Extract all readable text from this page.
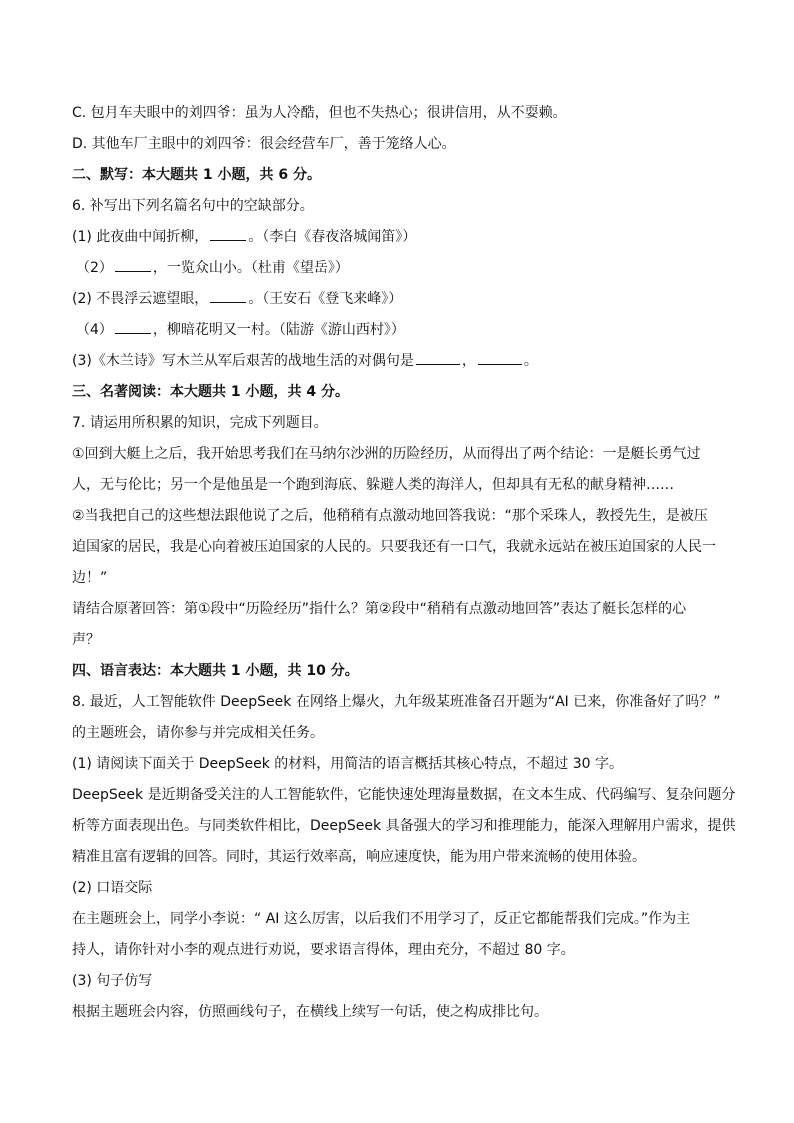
C. 包月车夫眼中的刘四爷：虽为人冷酷，但也不失热心；很讲信用，从不耍赖。
D. 其他车厂主眼中的刘四爷：很会经营车厂，善于笼络人心。
二、默写：本大题共 1 小题，共 6 分。
6. 补写出下列名篇名句中的空缺部分。
(1) 此夜曲中闻折柳，	。（李白《春夜洛城闻笛》）
（2）	，一览众山小。（杜甫《望岳》）
(2) 不畏浮云遮望眼，	。（王安石《登飞来峰》）
（4）	，柳暗花明又一村。（陆游《游山西村》）
(3)《木兰诗》写木兰从军后艰苦的战地生活的对偶句是	，	。
三、名著阅读：本大题共 1 小题，共 4 分。
7. 请运用所积累的知识，完成下列题目。
①回到大艇上之后，我开始思考我们在马纳尔沙洲的历险经历，从而得出了两个结论：一是艇长勇气过
人，无与伦比；另一个是他虽是一个跑到海底、躲避人类的海洋人，但却具有无私的献身精神……
②当我把自己的这些想法跟他说了之后，他稍稍有点激动地回答我说：“那个采珠人，教授先生，是被压
迫国家的居民，我是心向着被压迫国家的人民的。只要我还有一口气，我就永远站在被压迫国家的人民一
边！”
请结合原著回答：第①段中“历险经历”指什么？第②段中“稍稍有点激动地回答”表达了艇长怎样的心
声？
四、语言表达：本大题共 1 小题，共 10 分。
8. 最近，人工智能软件 DeepSeek 在网络上爆火，九年级某班准备召开题为“AI 已来，你准备好了吗？”
的主题班会，请你参与并完成相关任务。
(1) 请阅读下面关于 DeepSeek 的材料，用简洁的语言概括其核心特点，不超过 30 字。
DeepSeek 是近期备受关注的人工智能软件，它能快速处理海量数据，在文本生成、代码编写、复杂问题分
析等方面表现出色。与同类软件相比，DeepSeek 具备强大的学习和推理能力，能深入理解用户需求，提供
精准且富有逻辑的回答。同时，其运行效率高，响应速度快，能为用户带来流畅的使用体验。
(2) 口语交际
在主题班会上，同学小李说：“ AI 这么厉害，以后我们不用学习了，反正它都能帮我们完成。”作为主
持人，请你针对小李的观点进行劝说，要求语言得体，理由充分，不超过 80 字。
(3) 句子仿写
根据主题班会内容，仿照画线句子，在横线上续写一句话，使之构成排比句。
